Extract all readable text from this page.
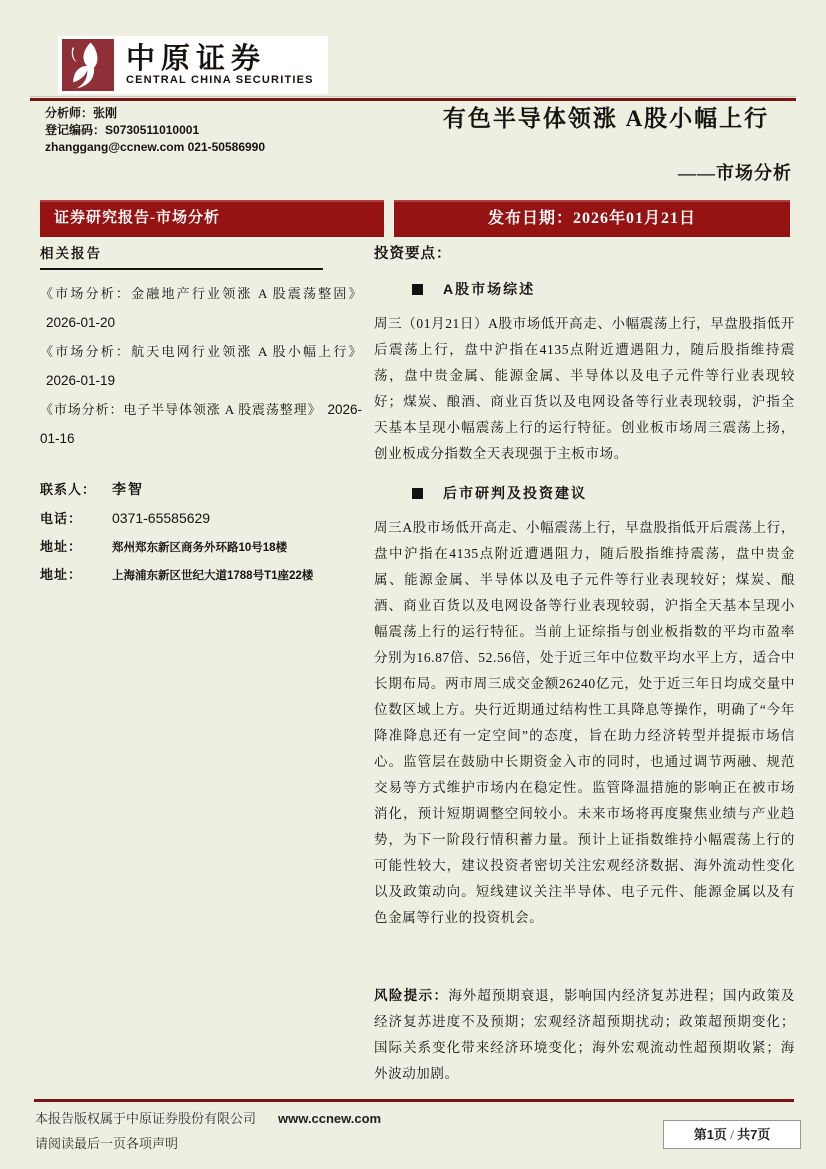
中原证券
CENTRAL CHINA SECURITIES
分析师：张刚
登记编码：S0730511010001
zhanggang@ccnew.com 021-50586990
有色半导体领涨 A股小幅上行
——市场分析
证券研究报告-市场分析	发布日期：2026年01月21日
相关报告

《市场分析：金融地产行业领涨 A 股震荡整固》2026-01-20

《市场分析：航天电网行业领涨 A 股小幅上行》2026-01-19

《市场分析：电子半导体领涨 A 股震荡整理》 2026-01-16

联系人：	李智
电话：	0371-65585629
地址：	郑州郑东新区商务外环路10号18楼
地址：	上海浦东新区世纪大道1788号T1座22楼
投资要点：
A股市场综述

周三（01月21日）A股市场低开高走、小幅震荡上行，早盘股指低开后震荡上行，盘中沪指在4135点附近遭遇阻力，随后股指维持震荡，盘中贵金属、能源金属、半导体以及电子元件等行业表现较好；煤炭、酿酒、商业百货以及电网设备等行业表现较弱，沪指全天基本呈现小幅震荡上行的运行特征。创业板市场周三震荡上扬，创业板成分指数全天表现强于主板市场。

后市研判及投资建议

周三A股市场低开高走、小幅震荡上行，早盘股指低开后震荡上行，盘中沪指在4135点附近遭遇阻力，随后股指维持震荡，盘中贵金属、能源金属、半导体以及电子元件等行业表现较好；煤炭、酿酒、商业百货以及电网设备等行业表现较弱，沪指全天基本呈现小幅震荡上行的运行特征。当前上证综指与创业板指数的平均市盈率分别为16.87倍、52.56倍，处于近三年中位数平均水平上方，适合中长期布局。两市周三成交金额26240亿元，处于近三年日均成交量中位数区域上方。央行近期通过结构性工具降息等操作，明确了“今年降准降息还有一定空间”的态度，旨在助力经济转型并提振市场信心。监管层在鼓励中长期资金入市的同时，也通过调节两融、规范交易等方式维护市场内在稳定性。监管降温措施的影响正在被市场消化，预计短期调整空间较小。未来市场将再度聚焦业绩与产业趋势，为下一阶段行情积蓄力量。预计上证指数维持小幅震荡上行的可能性较大，建议投资者密切关注宏观经济数据、海外流动性变化以及政策动向。短线建议关注半导体、电子元件、能源金属以及有色金属等行业的投资机会。

风险提示：海外超预期衰退，影响国内经济复苏进程；国内政策及经济复苏进度不及预期；宏观经济超预期扰动；政策超预期变化；国际关系变化带来经济环境变化；海外宏观流动性超预期收紧；海外波动加剧。

本报告版权属于中原证券股份有限公司 www.ccnew.com
请阅读最后一页各项声明
第1页 / 共7页
